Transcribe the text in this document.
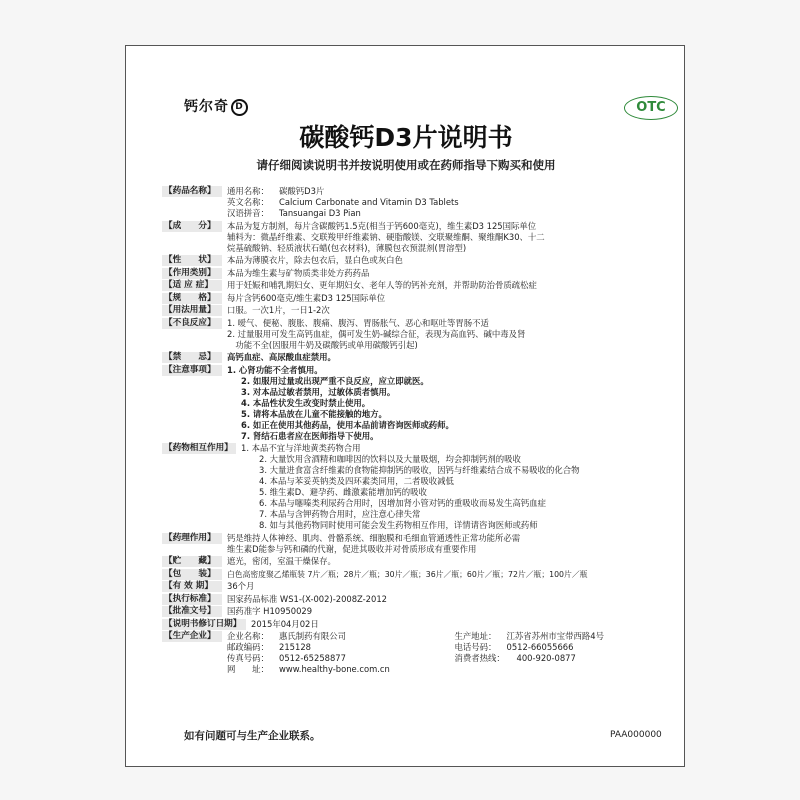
钙尔奇 D	OTC
碳酸钙D3片说明书
请仔细阅读说明书并按说明使用或在药师指导下购买和使用
【药品名称】	通用名称：	碳酸钙D3片
英文名称：	Calcium Carbonate and Vitamin D3 Tablets
汉语拼音：	Tansuangai D3 Pian
【成　　分】	本品为复方制剂，每片含碳酸钙1.5克(相当于钙600毫克)，维生素D3 125国际单位
辅料为：微晶纤维素、交联羧甲纤维素钠、硬脂酸镁、交联聚维酮、聚维酮K30、十二
烷基硫酸钠、轻质液状石蜡(包衣材料)，薄膜包衣预混剂(胃溶型)
【性　　状】	本品为薄膜衣片，除去包衣后，显白色或灰白色
【作用类别】	本品为维生素与矿物质类非处方药药品
【适 应 症】	用于妊娠和哺乳期妇女、更年期妇女、老年人等的钙补充剂，并帮助防治骨质疏松症
【规　　格】	每片含钙600毫克/维生素D3 125国际单位
【用法用量】	口服。一次1片，一日1-2次
【不良反应】	1. 嗳气、便秘、腹胀、腹痛、腹泻、胃肠胀气、恶心和呕吐等胃肠不适
2. 过量服用可发生高钙血症，偶可发生奶-碱综合征，表现为高血钙、碱中毒及肾
　功能不全(因服用牛奶及碳酸钙或单用碳酸钙引起)
【禁　　忌】	高钙血症、高尿酸血症禁用。
【注意事项】	1. 心肾功能不全者慎用。
2. 如服用过量或出现严重不良反应，应立即就医。
3. 对本品过敏者禁用，过敏体质者慎用。
4. 本品性状发生改变时禁止使用。
5. 请将本品放在儿童不能接触的地方。
6. 如正在使用其他药品，使用本品前请咨询医师或药师。
7. 肾结石患者应在医师指导下使用。
【药物相互作用】 1. 本品不宜与洋地黄类药物合用
2. 大量饮用含酒精和咖啡因的饮料以及大量吸烟，均会抑制钙剂的吸收
3. 大量进食富含纤维素的食物能抑制钙的吸收，因钙与纤维素结合成不易吸收的化合物
4. 本品与苯妥英钠类及四环素类同用，二者吸收减低
5. 维生素D、避孕药、雌激素能增加钙的吸收
6. 本品与噻嗪类利尿药合用时，因增加肾小管对钙的重吸收而易发生高钙血症
7. 本品与含钾药物合用时，应注意心律失常
8. 如与其他药物同时使用可能会发生药物相互作用，详情请咨询医师或药师
【药理作用】	钙是维持人体神经、肌肉、骨骼系统、细胞膜和毛细血管通透性正常功能所必需
维生素D能参与钙和磷的代谢，促进其吸收并对骨质形成有重要作用
【贮　　藏】	遮光，密闭，室温干燥保存。
【包　　装】	白色高密度聚乙烯瓶装 7片／瓶；28片／瓶；30片／瓶；36片／瓶；60片／瓶；72片／瓶；100片／瓶
【有 效 期】	36个月
【执行标准】	国家药品标准 WS1-(X-002)-2008Z-2012
【批准文号】	国药准字 H10950029
【说明书修订日期】	2015年04月02日
【生产企业】	企业名称：	惠氏制药有限公司	生产地址：	江苏省苏州市宝带西路4号
邮政编码：	215128	电话号码：	0512-66055666
传真号码：	0512-65258877	消费者热线：	400-920-0877
网　　址：	www.healthy-bone.com.cn
如有问题可与生产企业联系。	PAA000000
